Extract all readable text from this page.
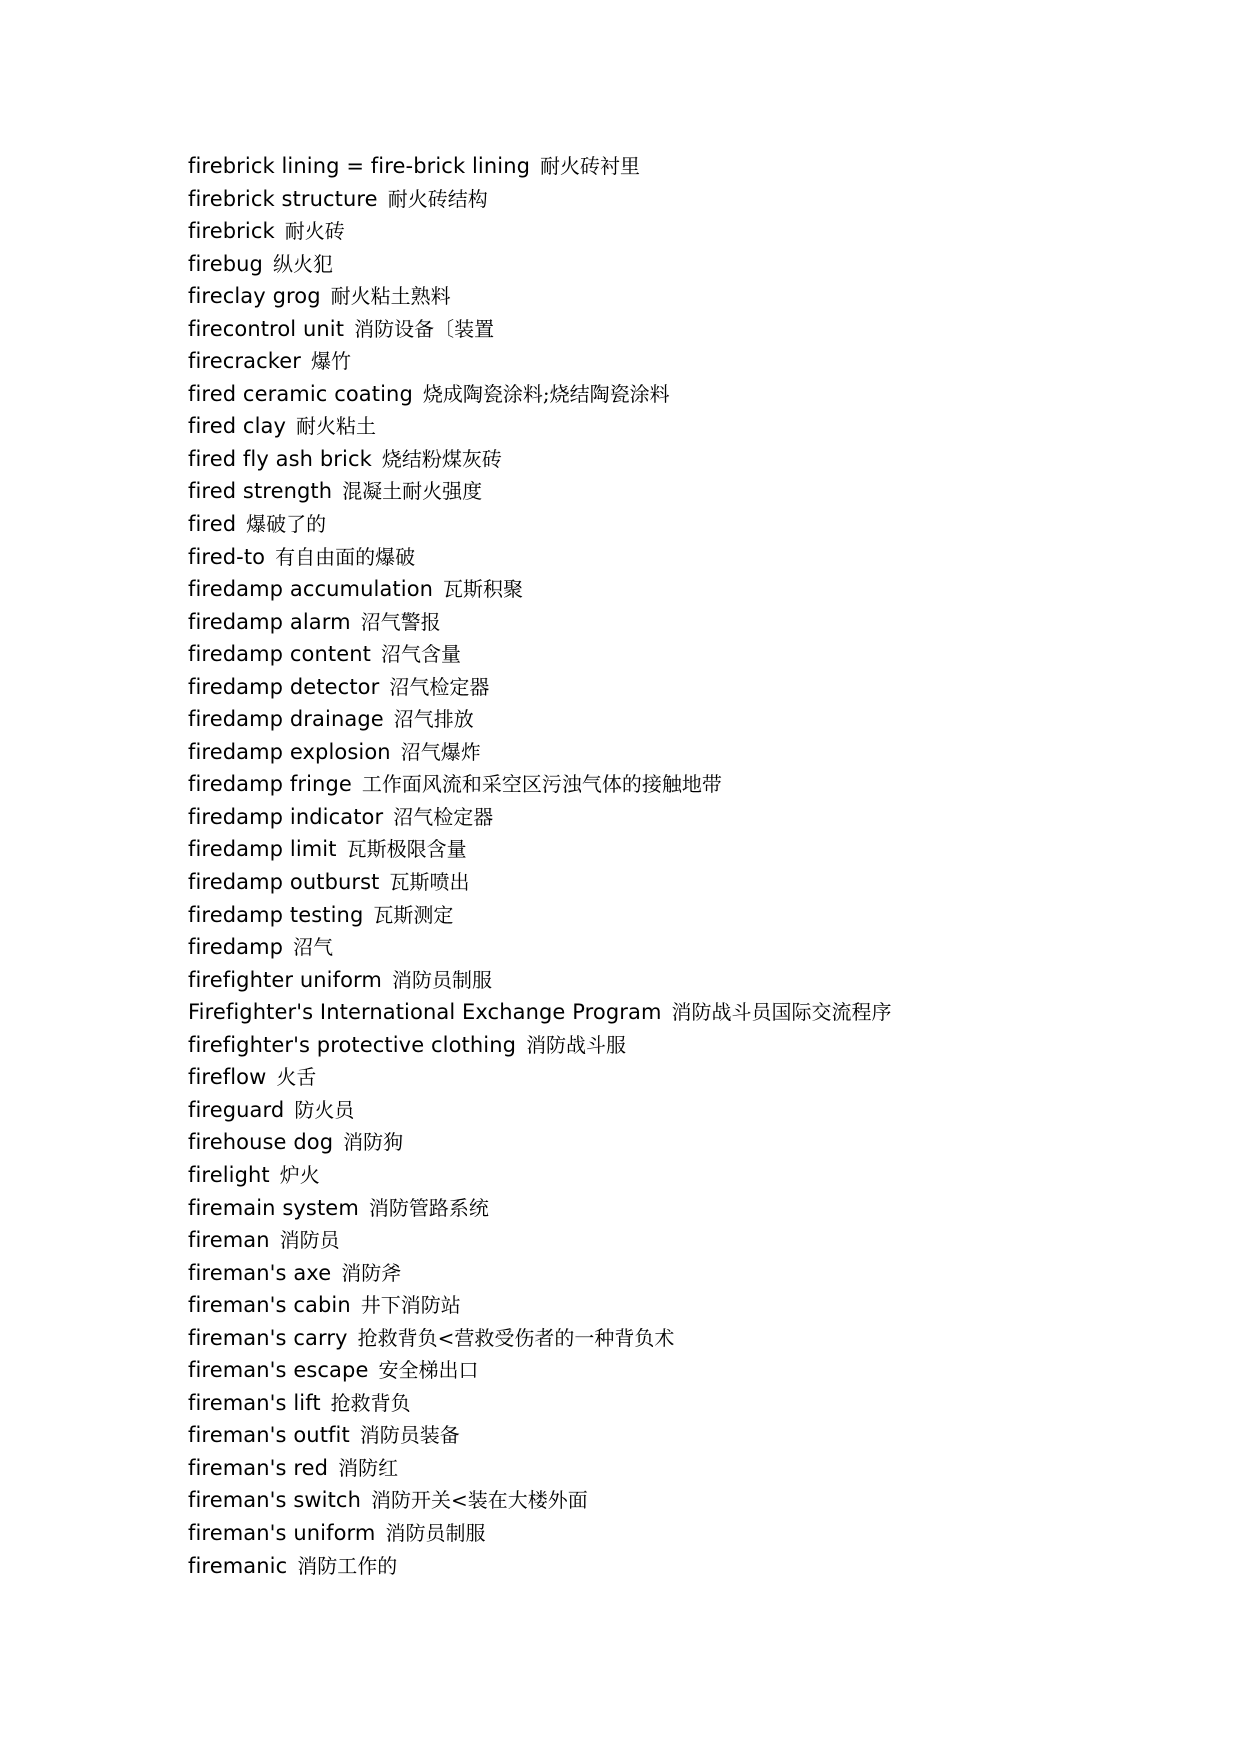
firebrick lining = fire-brick lining 耐火砖衬里
firebrick structure 耐火砖结构
firebrick 耐火砖
firebug 纵火犯
fireclay grog 耐火粘土熟料
firecontrol unit 消防设备〔装置
firecracker 爆竹
fired ceramic coating 烧成陶瓷涂料;烧结陶瓷涂料
fired clay 耐火粘土
fired fly ash brick 烧结粉煤灰砖
fired strength 混凝土耐火强度
fired 爆破了的
fired-to 有自由面的爆破
firedamp accumulation 瓦斯积聚
firedamp alarm 沼气警报
firedamp content 沼气含量
firedamp detector 沼气检定器
firedamp drainage 沼气排放
firedamp explosion 沼气爆炸
firedamp fringe 工作面风流和采空区污浊气体的接触地带
firedamp indicator 沼气检定器
firedamp limit 瓦斯极限含量
firedamp outburst 瓦斯喷出
firedamp testing 瓦斯测定
firedamp 沼气
firefighter uniform 消防员制服
Firefighter's International Exchange Program 消防战斗员国际交流程序
firefighter's protective clothing 消防战斗服
fireflow 火舌
fireguard 防火员
firehouse dog 消防狗
firelight 炉火
firemain system 消防管路系统
fireman 消防员
fireman's axe 消防斧
fireman's cabin 井下消防站
fireman's carry 抢救背负<营救受伤者的一种背负术
fireman's escape 安全梯出口
fireman's lift 抢救背负
fireman's outfit 消防员装备
fireman's red 消防红
fireman's switch 消防开关<装在大楼外面
fireman's uniform 消防员制服
firemanic 消防工作的
